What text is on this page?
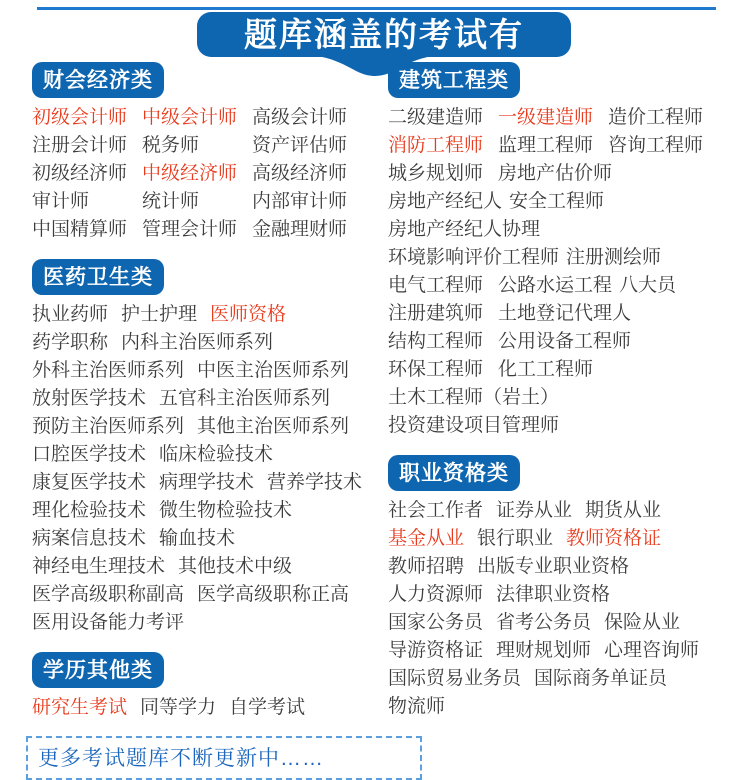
题库涵盖的考试有
财会经济类
初级会计师 中级会计师 高级会计师
注册会计师 税务师	资产评估师
初级经济师 中级经济师 高级经济师
审计师	统计师	内部审计师
中国精算师 管理会计师 金融理财师
医药卫生类
执业药师 护士护理 医师资格
药学职称 内科主治医师系列
外科主治医师系列 中医主治医师系列
放射医学技术 五官科主治医师系列
预防主治医师系列 其他主治医师系列
口腔医学技术 临床检验技术
康复医学技术 病理学技术 营养学技术
理化检验技术 微生物检验技术
病案信息技术 输血技术
神经电生理技术 其他技术中级
医学高级职称副高 医学高级职称正高
医用设备能力考评
学历其他类
研究生考试 同等学力 自学考试
更多考试题库不断更新中……
建筑工程类
二级建造师 一级建造师 造价工程师
消防工程师 监理工程师 咨询工程师
城乡规划师 房地产估价师
房地产经纪人 安全工程师
房地产经纪人协理
环境影响评价工程师 注册测绘师
电气工程师 公路水运工程 八大员
注册建筑师 土地登记代理人
结构工程师 公用设备工程师
环保工程师 化工工程师
土木工程师（岩土）
投资建设项目管理师
职业资格类
社会工作者 证券从业 期货从业
基金从业 银行职业 教师资格证
教师招聘 出版专业职业资格
人力资源师 法律职业资格
国家公务员 省考公务员 保险从业
导游资格证 理财规划师 心理咨询师
国际贸易业务员 国际商务单证员
物流师
